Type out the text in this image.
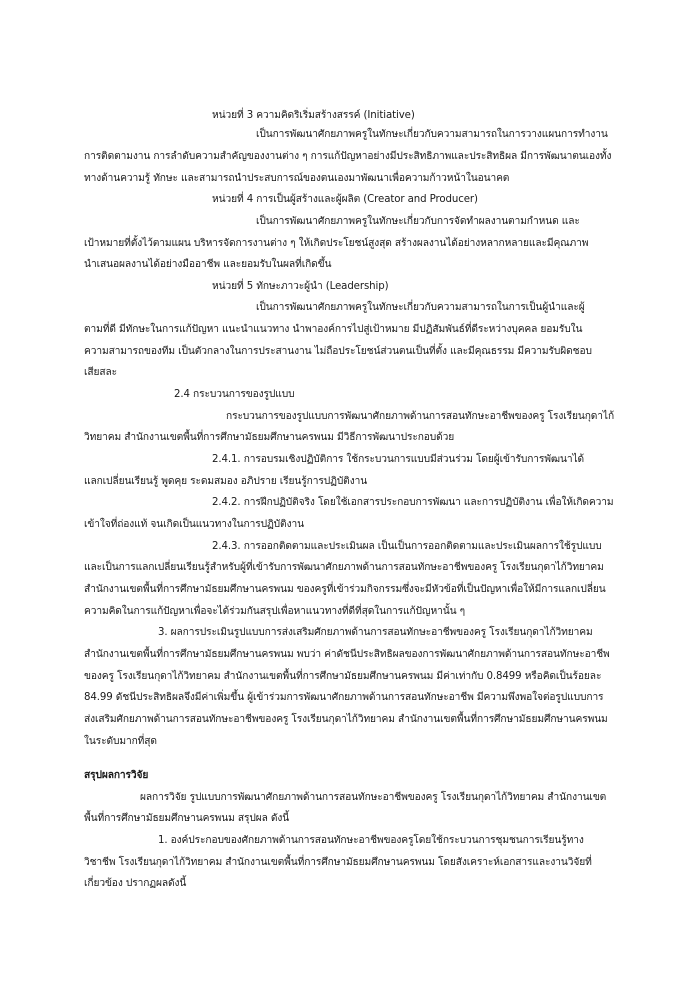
หน่วยที่ 3 ความคิดริเริ่มสร้างสรรค์ (Initiative)
เป็นการพัฒนาศักยภาพครูในทักษะเกี่ยวกับความสามารถในการวางแผนการทำงาน
การติดตามงาน การลำดับความสำคัญของงานต่าง ๆ การแก้ปัญหาอย่างมีประสิทธิภาพและประสิทธิผล มีการพัฒนาตนเองทั้ง
ทางด้านความรู้ ทักษะ และสามารถนำประสบการณ์ของตนเองมาพัฒนาเพื่อความก้าวหน้าในอนาคต
หน่วยที่ 4 การเป็นผู้สร้างและผู้ผลิต (Creator and Producer)
เป็นการพัฒนาศักยภาพครูในทักษะเกี่ยวกับการจัดทำผลงานตามกำหนด และ
เป้าหมายที่ตั้งไว้ตามแผน บริหารจัดการงานต่าง ๆ ให้เกิดประโยชน์สูงสุด สร้างผลงานได้อย่างหลากหลายและมีคุณภาพ
นำเสนอผลงานได้อย่างมืออาชีพ และยอมรับในผลที่เกิดขึ้น
หน่วยที่ 5 ทักษะภาวะผู้นำ (Leadership)
เป็นการพัฒนาศักยภาพครูในทักษะเกี่ยวกับความสามารถในการเป็นผู้นำและผู้
ตามที่ดี มีทักษะในการแก้ปัญหา แนะนำแนวทาง นำพาองค์การไปสู่เป้าหมาย มีปฏิสัมพันธ์ที่ดีระหว่างบุคคล ยอมรับใน
ความสามารถของทีม เป็นตัวกลางในการประสานงาน ไม่ถือประโยชน์ส่วนตนเป็นที่ตั้ง และมีคุณธรรม มีความรับผิดชอบ
เสียสละ
2.4 กระบวนการของรูปแบบ
กระบวนการของรูปแบบการพัฒนาศักยภาพด้านการสอนทักษะอาชีพของครู โรงเรียนกุดาไก้
วิทยาคม สำนักงานเขตพื้นที่การศึกษามัธยมศึกษานครพนม มีวิธีการพัฒนาประกอบด้วย
2.4.1. การอบรมเชิงปฏิบัติการ ใช้กระบวนการแบบมีส่วนร่วม โดยผู้เข้ารับการพัฒนาได้
แลกเปลี่ยนเรียนรู้ พูดคุย ระดมสมอง อภิปราย เรียนรู้การปฏิบัติงาน
2.4.2. การฝึกปฏิบัติจริง โดยใช้เอกสารประกอบการพัฒนา และการปฏิบัติงาน เพื่อให้เกิดความ
เข้าใจที่ถ่องแท้ จนเกิดเป็นแนวทางในการปฏิบัติงาน
2.4.3. การออกติดตามและประเมินผล เป็นเป็นการออกติดตามและประเมินผลการใช้รูปแบบ
และเป็นการแลกเปลี่ยนเรียนรู้สำหรับผู้ที่เข้ารับการพัฒนาศักยภาพด้านการสอนทักษะอาชีพของครู โรงเรียนกุดาไก้วิทยาคม
สำนักงานเขตพื้นที่การศึกษามัธยมศึกษานครพนม ของครูที่เข้าร่วมกิจกรรมซึ่งจะมีหัวข้อที่เป็นปัญหาเพื่อให้มีการแลกเปลี่ยน
ความคิดในการแก้ปัญหาเพื่อจะได้ร่วมกันสรุปเพื่อหาแนวทางที่ดีที่สุดในการแก้ปัญหานั้น ๆ
3. ผลการประเมินรูปแบบการส่งเสริมศักยภาพด้านการสอนทักษะอาชีพของครู โรงเรียนกุดาไก้วิทยาคม
สำนักงานเขตพื้นที่การศึกษามัธยมศึกษานครพนม พบว่า ค่าดัชนีประสิทธิผลของการพัฒนาศักยภาพด้านการสอนทักษะอาชีพ
ของครู โรงเรียนกุดาไก้วิทยาคม สำนักงานเขตพื้นที่การศึกษามัธยมศึกษานครพนม มีค่าเท่ากับ 0.8499 หรือคิดเป็นร้อยละ
84.99 ดัชนีประสิทธิผลจึงมีค่าเพิ่มขึ้น ผู้เข้าร่วมการพัฒนาศักยภาพด้านการสอนทักษะอาชีพ มีความพึงพอใจต่อรูปแบบการ
ส่งเสริมศักยภาพด้านการสอนทักษะอาชีพของครู โรงเรียนกุดาไก้วิทยาคม สำนักงานเขตพื้นที่การศึกษามัธยมศึกษานครพนม
ในระดับมากที่สุด
สรุปผลการวิจัย
ผลการวิจัย รูปแบบการพัฒนาศักยภาพด้านการสอนทักษะอาชีพของครู โรงเรียนกุดาไก้วิทยาคม สำนักงานเขต
พื้นที่การศึกษามัธยมศึกษานครพนม สรุปผล ดังนี้
1. องค์ประกอบของศักยภาพด้านการสอนทักษะอาชีพของครูโดยใช้กระบวนการชุมชนการเรียนรู้ทาง
วิชาชีพ โรงเรียนกุดาไก้วิทยาคม สำนักงานเขตพื้นที่การศึกษามัธยมศึกษานครพนม โดยสังเคราะห์เอกสารและงานวิจัยที่
เกี่ยวข้อง ปรากฏผลดังนี้
